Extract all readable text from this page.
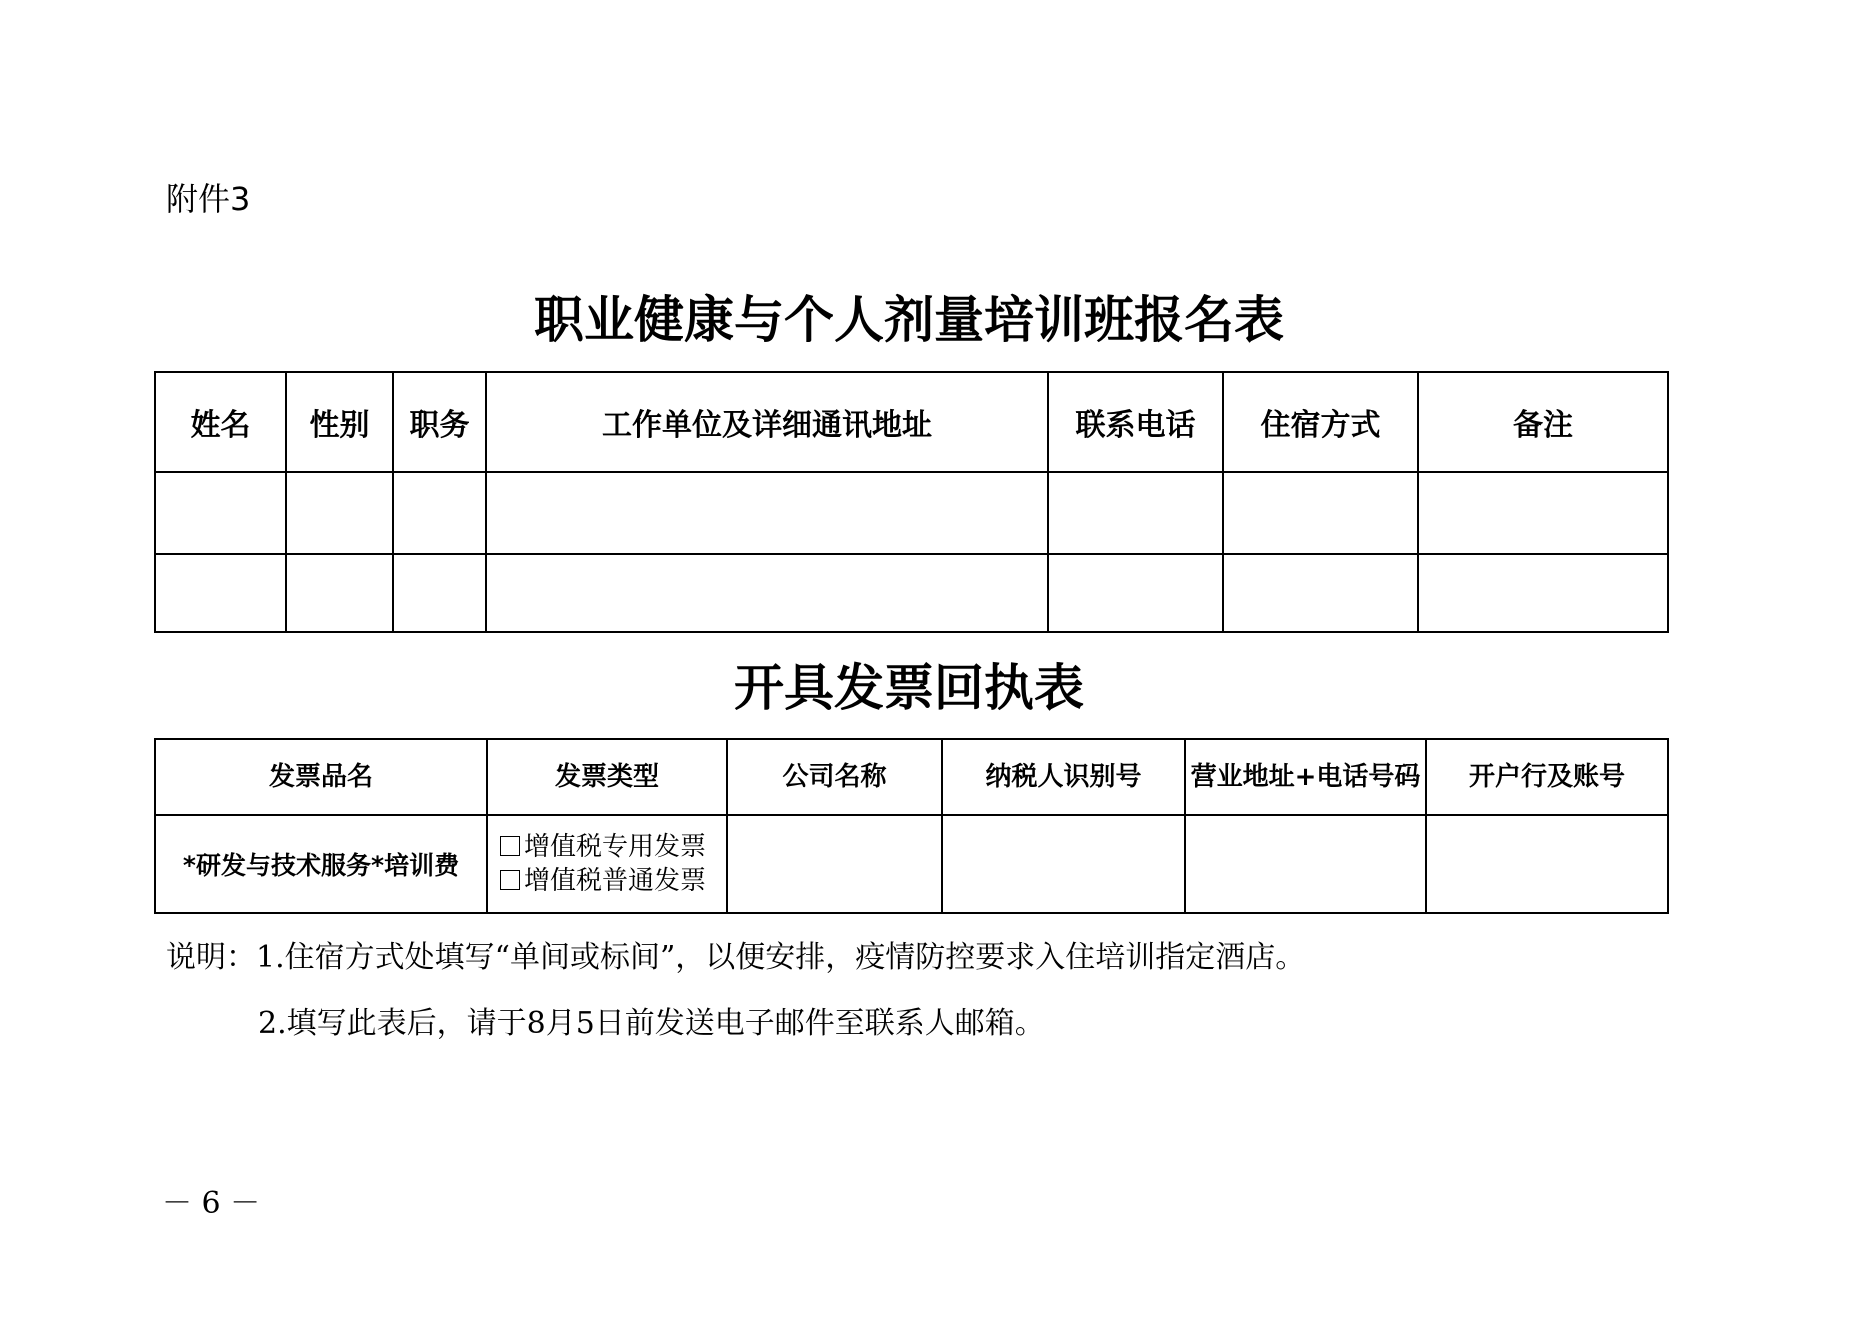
附件3
职业健康与个人剂量培训班报名表
姓名	性别	职务	工作单位及详细通讯地址	联系电话	住宿方式	备注

开具发票回执表
发票品名	发票类型	公司名称	纳税人识别号	营业地址+电话号码	开户行及账号
*研发与技术服务*培训费	增值税专用发票
增值税普通发票				

说明：1.住宿方式处填写“单间或标间”，以便安排，疫情防控要求入住培训指定酒店。
2.填写此表后，请于8月5日前发送电子邮件至联系人邮箱。
－ 6 －
